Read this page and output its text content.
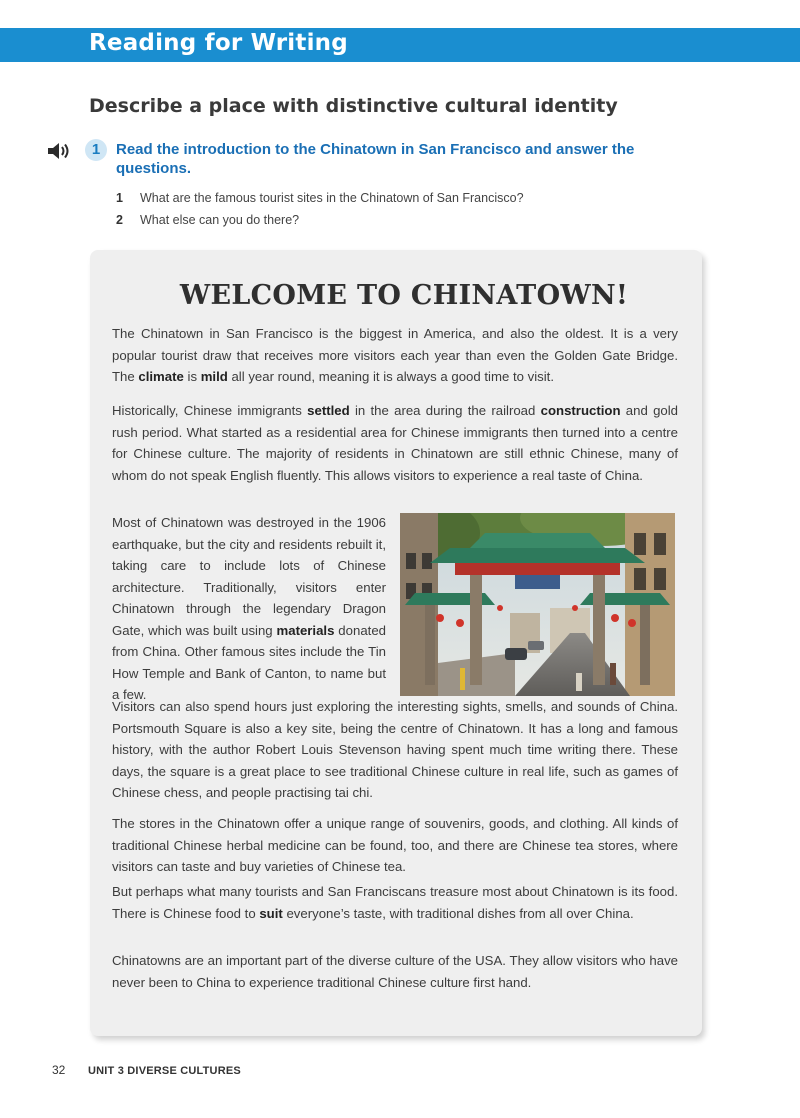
Reading for Writing
Describe a place with distinctive cultural identity
1	Read the introduction to the Chinatown in San Francisco and answer the questions.
1	What are the famous tourist sites in the Chinatown of San Francisco?
2	What else can you do there?
WELCOME TO CHINATOWN!
The Chinatown in San Francisco is the biggest in America, and also the oldest. It is a very popular tourist draw that receives more visitors each year than even the Golden Gate Bridge. The climate is mild all year round, meaning it is always a good time to visit.
Historically, Chinese immigrants settled in the area during the railroad construction and gold rush period. What started as a residential area for Chinese immigrants then turned into a centre for Chinese culture. The majority of residents in Chinatown are still ethnic Chinese, many of whom do not speak English fluently. This allows visitors to experience a real taste of China.
Most of Chinatown was destroyed in the 1906 earthquake, but the city and residents rebuilt it, taking care to include lots of Chinese architecture. Traditionally, visitors enter Chinatown through the legendary Dragon Gate, which was built using materials donated from China. Other famous sites include the Tin How Temple and Bank of Canton, to name but a few.
Visitors can also spend hours just exploring the interesting sights, smells, and sounds of China. Portsmouth Square is also a key site, being the centre of Chinatown. It has a long and famous history, with the author Robert Louis Stevenson having spent much time writing there. These days, the square is a great place to see traditional Chinese culture in real life, such as games of Chinese chess, and people practising tai chi.
The stores in the Chinatown offer a unique range of souvenirs, goods, and clothing. All kinds of traditional Chinese herbal medicine can be found, too, and there are Chinese tea stores, where visitors can taste and buy varieties of Chinese tea.
But perhaps what many tourists and San Franciscans treasure most about Chinatown is its food. There is Chinese food to suit everyone’s taste, with traditional dishes from all over China.
Chinatowns are an important part of the diverse culture of the USA. They allow visitors who have never been to China to experience traditional Chinese culture first hand.
32 UNIT 3 DIVERSE CULTURES
